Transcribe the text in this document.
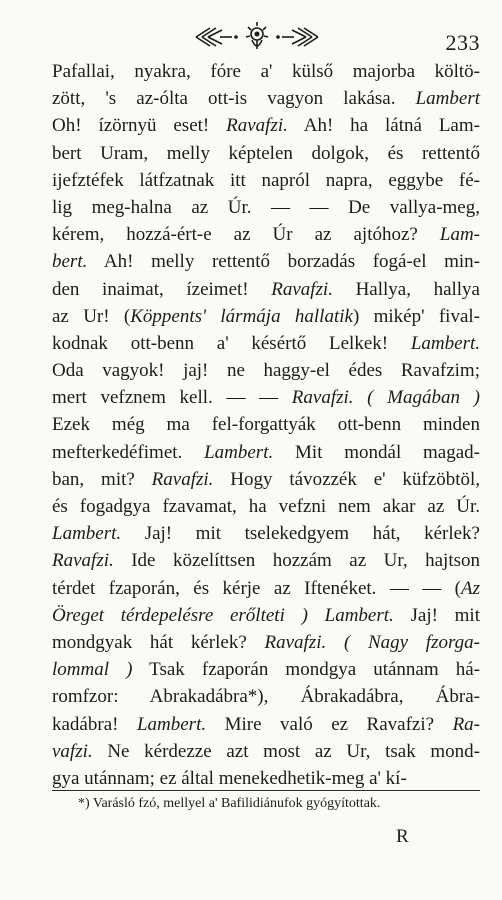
233
Pafallai, nyakra, fóre a' külső majorba költö-
zött, 's az-ólta ott-is vagyon lakása. Lambert
Oh! ízörnyü eset! Ravafzi. Ah! ha látná Lam-
bert Uram, melly képtelen dolgok, és rettentő
ijefztéfek látfzatnak itt napról napra, eggybe fé-
lig meg-halna az Úr. — — De vallya-meg,
kérem, hozzá-ért-e az Úr az ajtóhoz? Lam-
bert. Ah! melly rettentő borzadás fogá-el min-
den inaimat, ízeimet! Ravafzi. Hallya, hallya
az Ur! (Köppents' lármája hallatik) mikép' fival-
kodnak ott-benn a' késértő Lelkek! Lambert.
Oda vagyok! jaj! ne haggy-el édes Ravafzim;
mert vefznem kell. — — Ravafzi. ( Magában )
Ezek még ma fel-forgattyák ott-benn minden
mefterkedéfimet. Lambert. Mit mondál magad-
ban, mit? Ravafzi. Hogy távozzék e' küfzöbtöl,
és fogadgya fzavamat, ha vefzni nem akar az Úr.
Lambert. Jaj! mit tselekedgyem hát, kérlek?
Ravafzi. Ide közelíttsen hozzám az Ur, hajtson
térdet fzaporán, és kérje az Iftenéket. — — (Az
Öreget térdepelésre erőlteti ) Lambert. Jaj! mit
mondgyak hát kérlek? Ravafzi. ( Nagy fzorga-
lommal ) Tsak fzaporán mondgya utánnam há-
romfzor: Abrakadábra*), Ábrakadábra, Ábra-
kadábra! Lambert. Mire való ez Ravafzi? Ra-
vafzi. Ne kérdezze azt most az Ur, tsak mond-
gya utánnam; ez által menekedhetik-meg a' kí-
*) Varásló fzó, mellyel a' Bafilidiánufok gyógyítottak.
R
